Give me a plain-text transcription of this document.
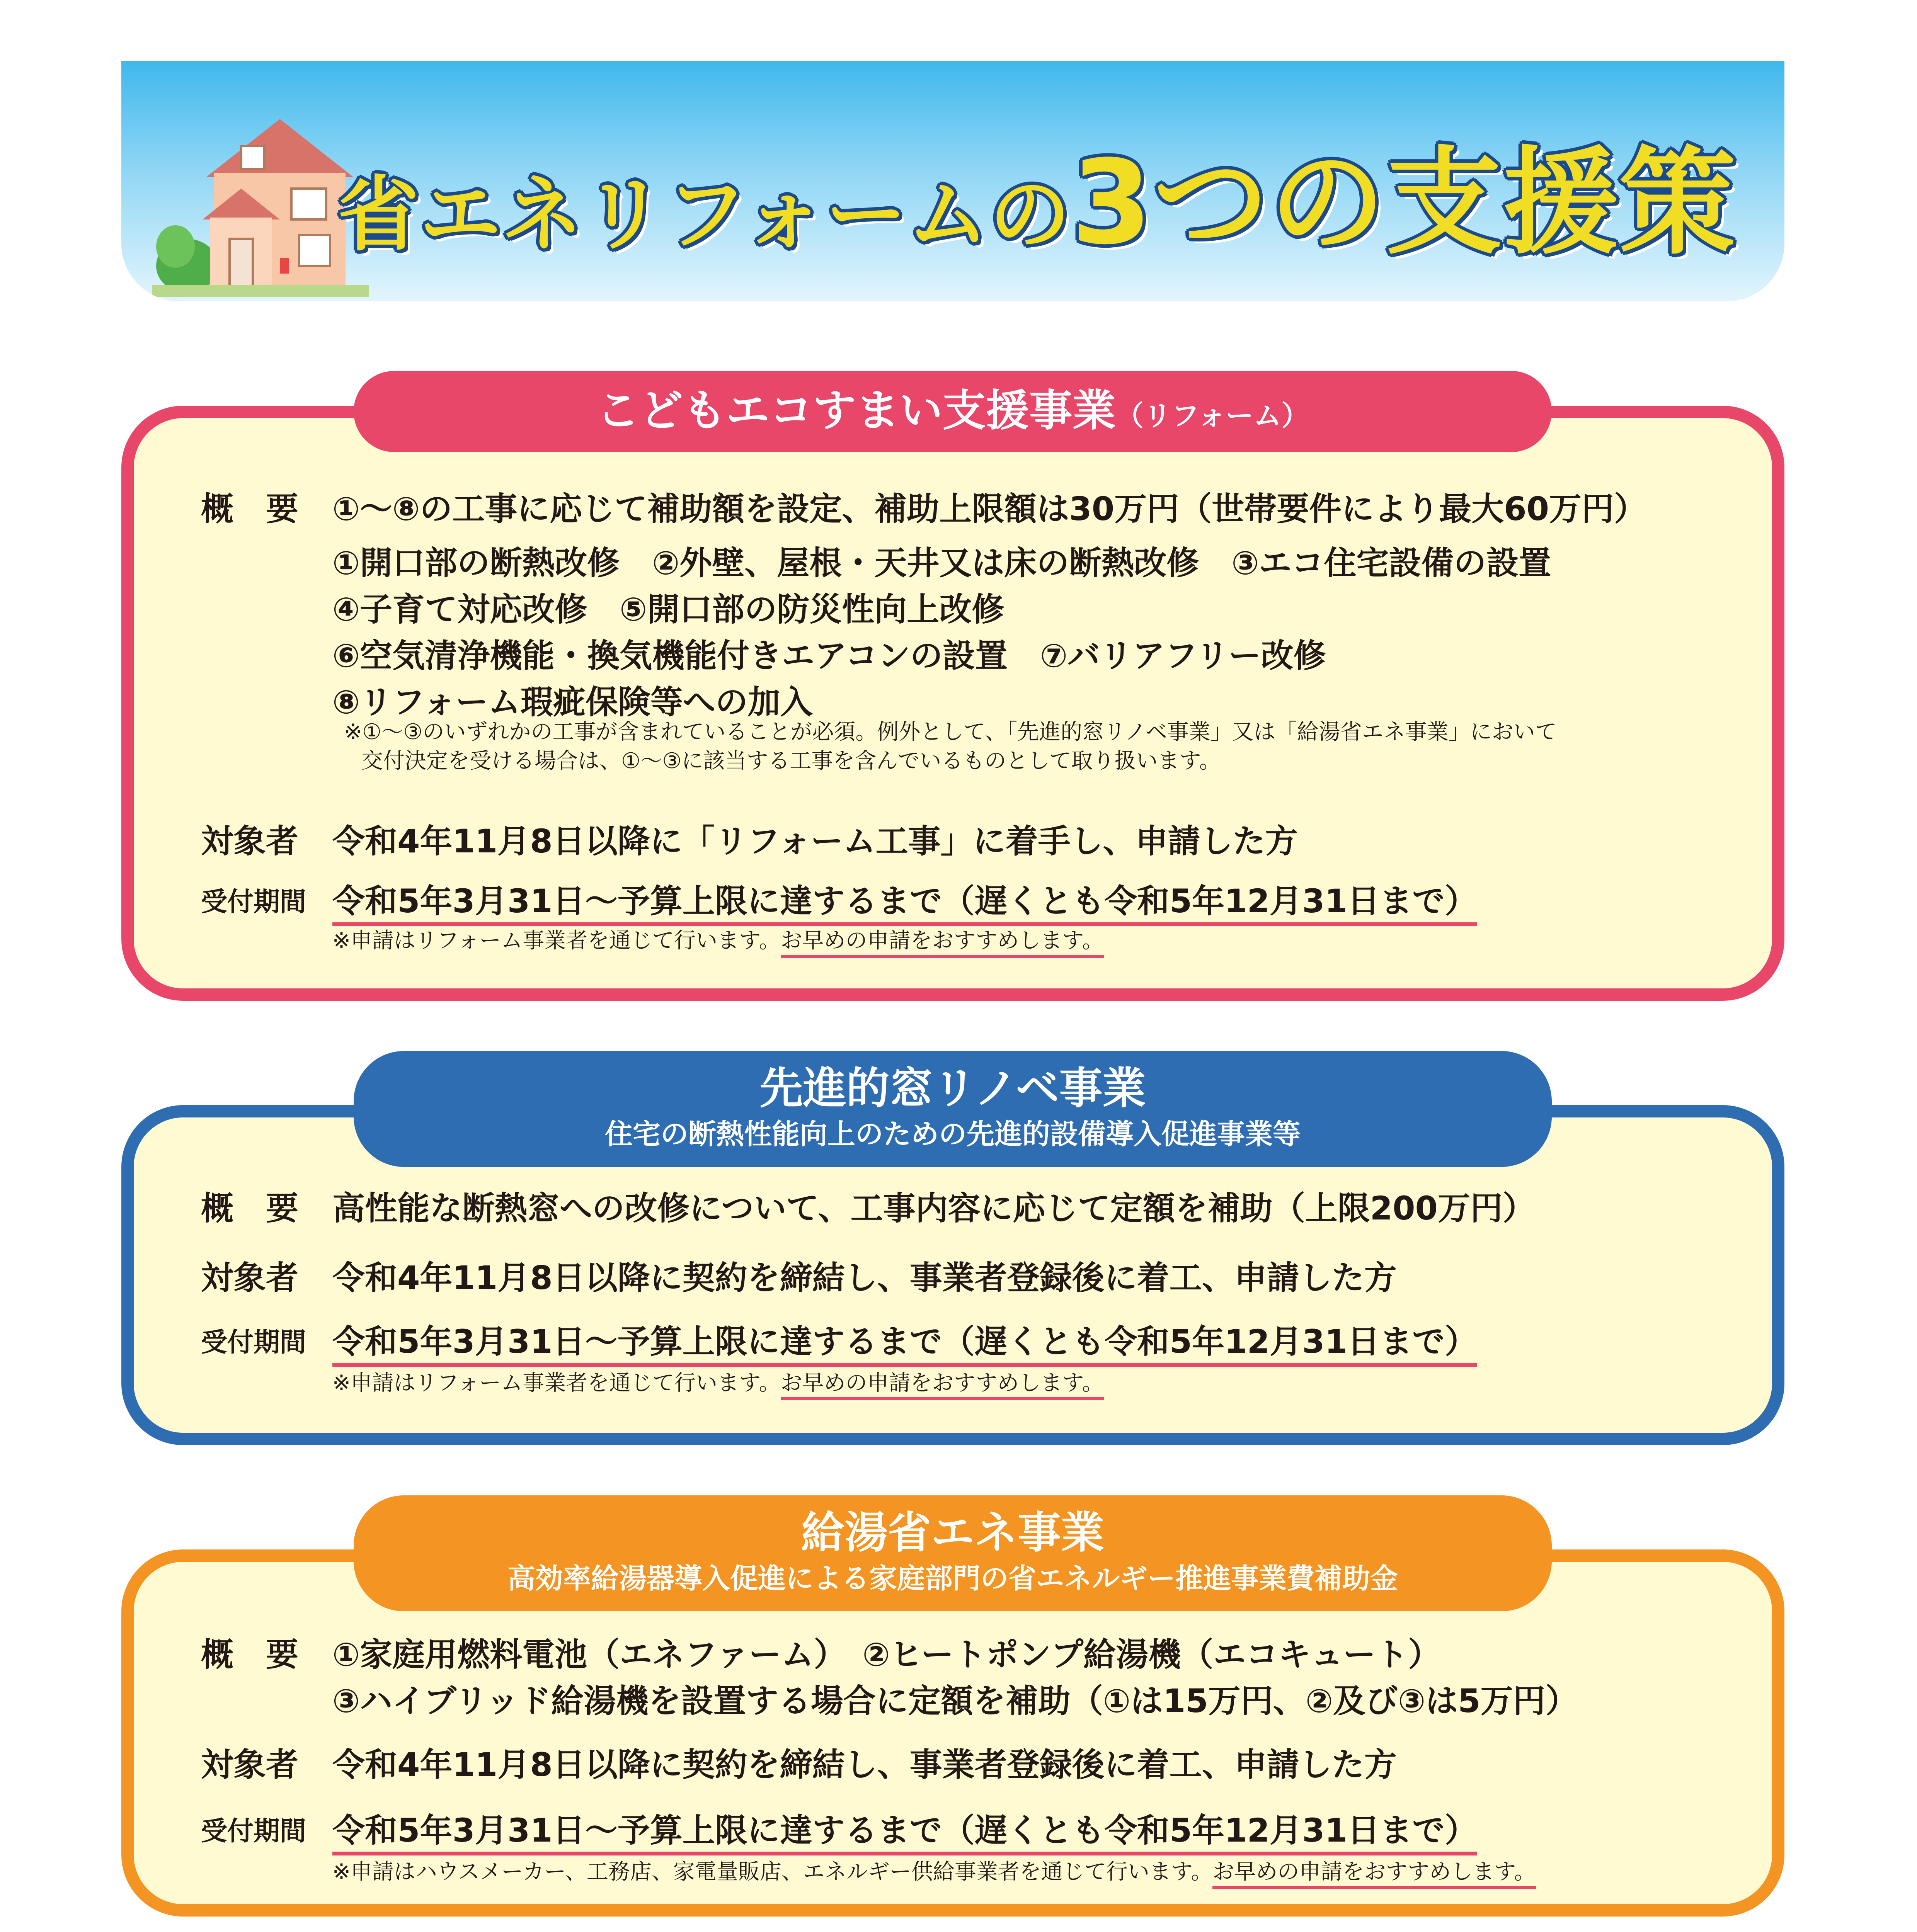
省エネリフォームの3つの支援策
こどもエコすまい支援事業（リフォーム）
概　要 ①〜⑧の工事に応じて補助額を設定、補助上限額は30万円（世帯要件により最大60万円）
①開口部の断熱改修　②外壁、屋根・天井又は床の断熱改修　③エコ住宅設備の設置
④子育て対応改修　⑤開口部の防災性向上改修
⑥空気清浄機能・換気機能付きエアコンの設置　⑦バリアフリー改修
⑧リフォーム瑕疵保険等への加入
※①〜③のいずれかの工事が含まれていることが必須。例外として、「先進的窓リノベ事業」又は「給湯省エネ事業」において
交付決定を受ける場合は、①〜③に該当する工事を含んでいるものとして取り扱います。
対象者 令和4年11月8日以降に「リフォーム工事」に着手し、申請した方
受付期間 令和5年3月31日〜予算上限に達するまで（遅くとも令和5年12月31日まで）
※申請はリフォーム事業者を通じて行います。お早めの申請をおすすめします。
先進的窓リノベ事業
住宅の断熱性能向上のための先進的設備導入促進事業等
概　要 高性能な断熱窓への改修について、工事内容に応じて定額を補助（上限200万円）
対象者 令和4年11月8日以降に契約を締結し、事業者登録後に着工、申請した方
受付期間 令和5年3月31日〜予算上限に達するまで（遅くとも令和5年12月31日まで）
※申請はリフォーム事業者を通じて行います。お早めの申請をおすすめします。
給湯省エネ事業
高効率給湯器導入促進による家庭部門の省エネルギー推進事業費補助金
概　要 ①家庭用燃料電池（エネファーム）　②ヒートポンプ給湯機（エコキュート）
③ハイブリッド給湯機を設置する場合に定額を補助（①は15万円、②及び③は5万円）
対象者 令和4年11月8日以降に契約を締結し、事業者登録後に着工、申請した方
受付期間 令和5年3月31日〜予算上限に達するまで（遅くとも令和5年12月31日まで）
※申請はハウスメーカー、工務店、家電量販店、エネルギー供給事業者を通じて行います。お早めの申請をおすすめします。
